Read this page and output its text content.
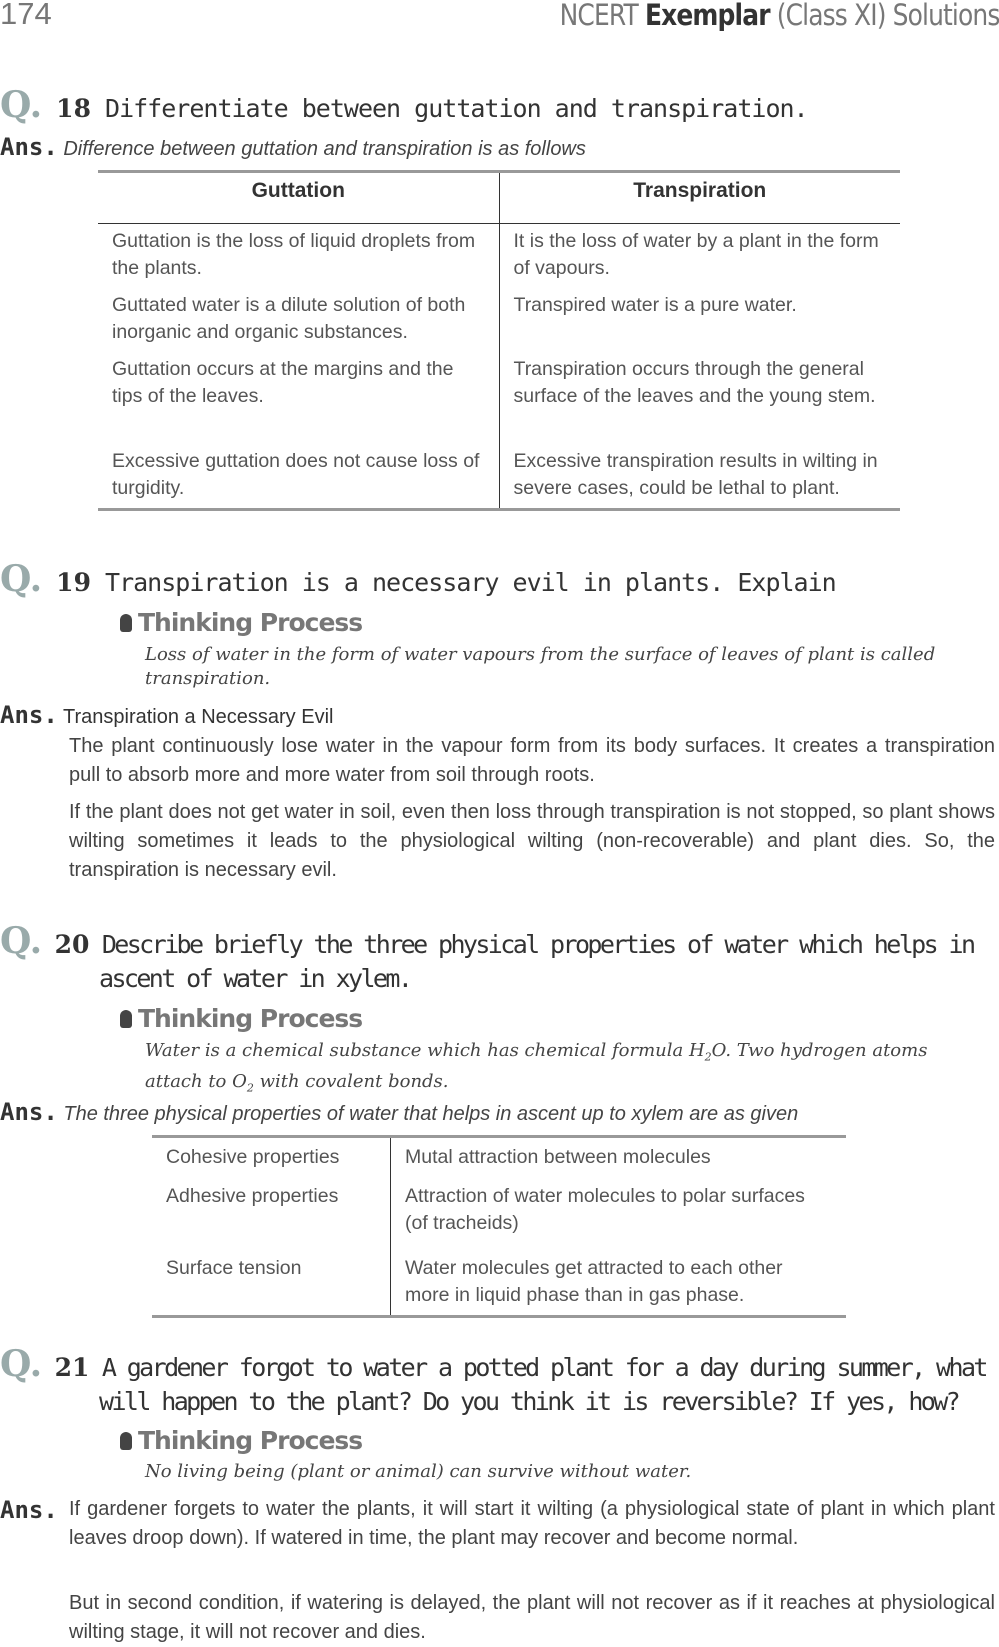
174	NCERT Exemplar (Class XI) Solutions
Q. 18 Differentiate between guttation and transpiration.
Ans. Difference between guttation and transpiration is as follows
Guttation	Transpiration
Guttation is the loss of liquid droplets from the plants.	It is the loss of water by a plant in the form of vapours.
Guttated water is a dilute solution of both inorganic and organic substances.	Transpired water is a pure water.
Guttation occurs at the margins and the tips of the leaves.	Transpiration occurs through the general surface of the leaves and the young stem.
Excessive guttation does not cause loss of turgidity.	Excessive transpiration results in wilting in severe cases, could be lethal to plant.
Q. 19 Transpiration is a necessary evil in plants. Explain
Thinking Process
Loss of water in the form of water vapours from the surface of leaves of plant is called transpiration.
Ans. Transpiration a Necessary Evil
The plant continuously lose water in the vapour form from its body surfaces. It creates a transpiration pull to absorb more and more water from soil through roots.
If the plant does not get water in soil, even then loss through transpiration is not stopped, so plant shows wilting sometimes it leads to the physiological wilting (non-recoverable) and plant dies. So, the transpiration is necessary evil.
Q. 20 Describe briefly the three physical properties of water which helps in
ascent of water in xylem.
Thinking Process
Water is a chemical substance which has chemical formula $H_2O$. Two hydrogen atoms attach to $O_2$ with covalent bonds.
Ans. The three physical properties of water that helps in ascent up to xylem are as given
Cohesive properties	Mutal attraction between molecules
Adhesive properties	Attraction of water molecules to polar surfaces (of tracheids)
Surface tension	Water molecules get attracted to each other more in liquid phase than in gas phase.
Q. 21 A gardener forgot to water a potted plant for a day during summer, what
will happen to the plant? Do you think it is reversible? If yes, how?
Thinking Process
No living being (plant or animal) can survive without water.
Ans. If gardener forgets to water the plants, it will start it wilting (a physiological state of plant in which plant leaves droop down). If watered in time, the plant may recover and become normal.
But in second condition, if watering is delayed, the plant will not recover as if it reaches at physiological wilting stage, it will not recover and dies.
